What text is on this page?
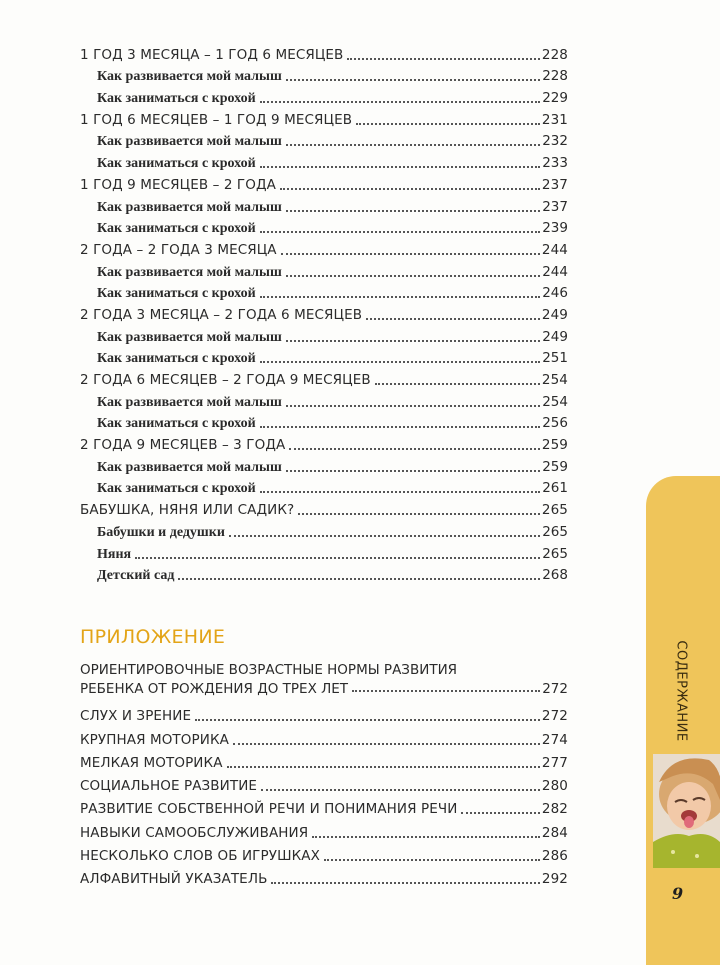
1 ГОД 3 МЕСЯЦА – 1 ГОД 6 МЕСЯЦЕВ	228
Как развивается мой малыш	228
Как заниматься с крохой	229
1 ГОД 6 МЕСЯЦЕВ – 1 ГОД 9 МЕСЯЦЕВ	231
Как развивается мой малыш	232
Как заниматься с крохой	233
1 ГОД 9 МЕСЯЦЕВ – 2 ГОДА	237
Как развивается мой малыш	237
Как заниматься с крохой	239
2 ГОДА – 2 ГОДА 3 МЕСЯЦА	244
Как развивается мой малыш	244
Как заниматься с крохой	246
2 ГОДА 3 МЕСЯЦА – 2 ГОДА 6 МЕСЯЦЕВ	249
Как развивается мой малыш	249
Как заниматься с крохой	251
2 ГОДА 6 МЕСЯЦЕВ – 2 ГОДА 9 МЕСЯЦЕВ	254
Как развивается мой малыш	254
Как заниматься с крохой	256
2 ГОДА 9 МЕСЯЦЕВ – 3 ГОДА	259
Как развивается мой малыш	259
Как заниматься с крохой	261
БАБУШКА, НЯНЯ ИЛИ САДИК?	265
Бабушки и дедушки	265
Няня	265
Детский сад	268
ПРИЛОЖЕНИЕ
ОРИЕНТИРОВОЧНЫЕ ВОЗРАСТНЫЕ НОРМЫ РАЗВИТИЯ
РЕБЕНКА ОТ РОЖДЕНИЯ ДО ТРЕХ ЛЕТ	272
СЛУХ И ЗРЕНИЕ	272
КРУПНАЯ МОТОРИКА	274
МЕЛКАЯ МОТОРИКА	277
СОЦИАЛЬНОЕ РАЗВИТИЕ	280
РАЗВИТИЕ СОБСТВЕННОЙ РЕЧИ И ПОНИМАНИЯ РЕЧИ	282
НАВЫКИ САМООБСЛУЖИВАНИЯ	284
НЕСКОЛЬКО СЛОВ ОБ ИГРУШКАХ	286
АЛФАВИТНЫЙ УКАЗАТЕЛЬ	292
СОДЕРЖАНИЕ
9
